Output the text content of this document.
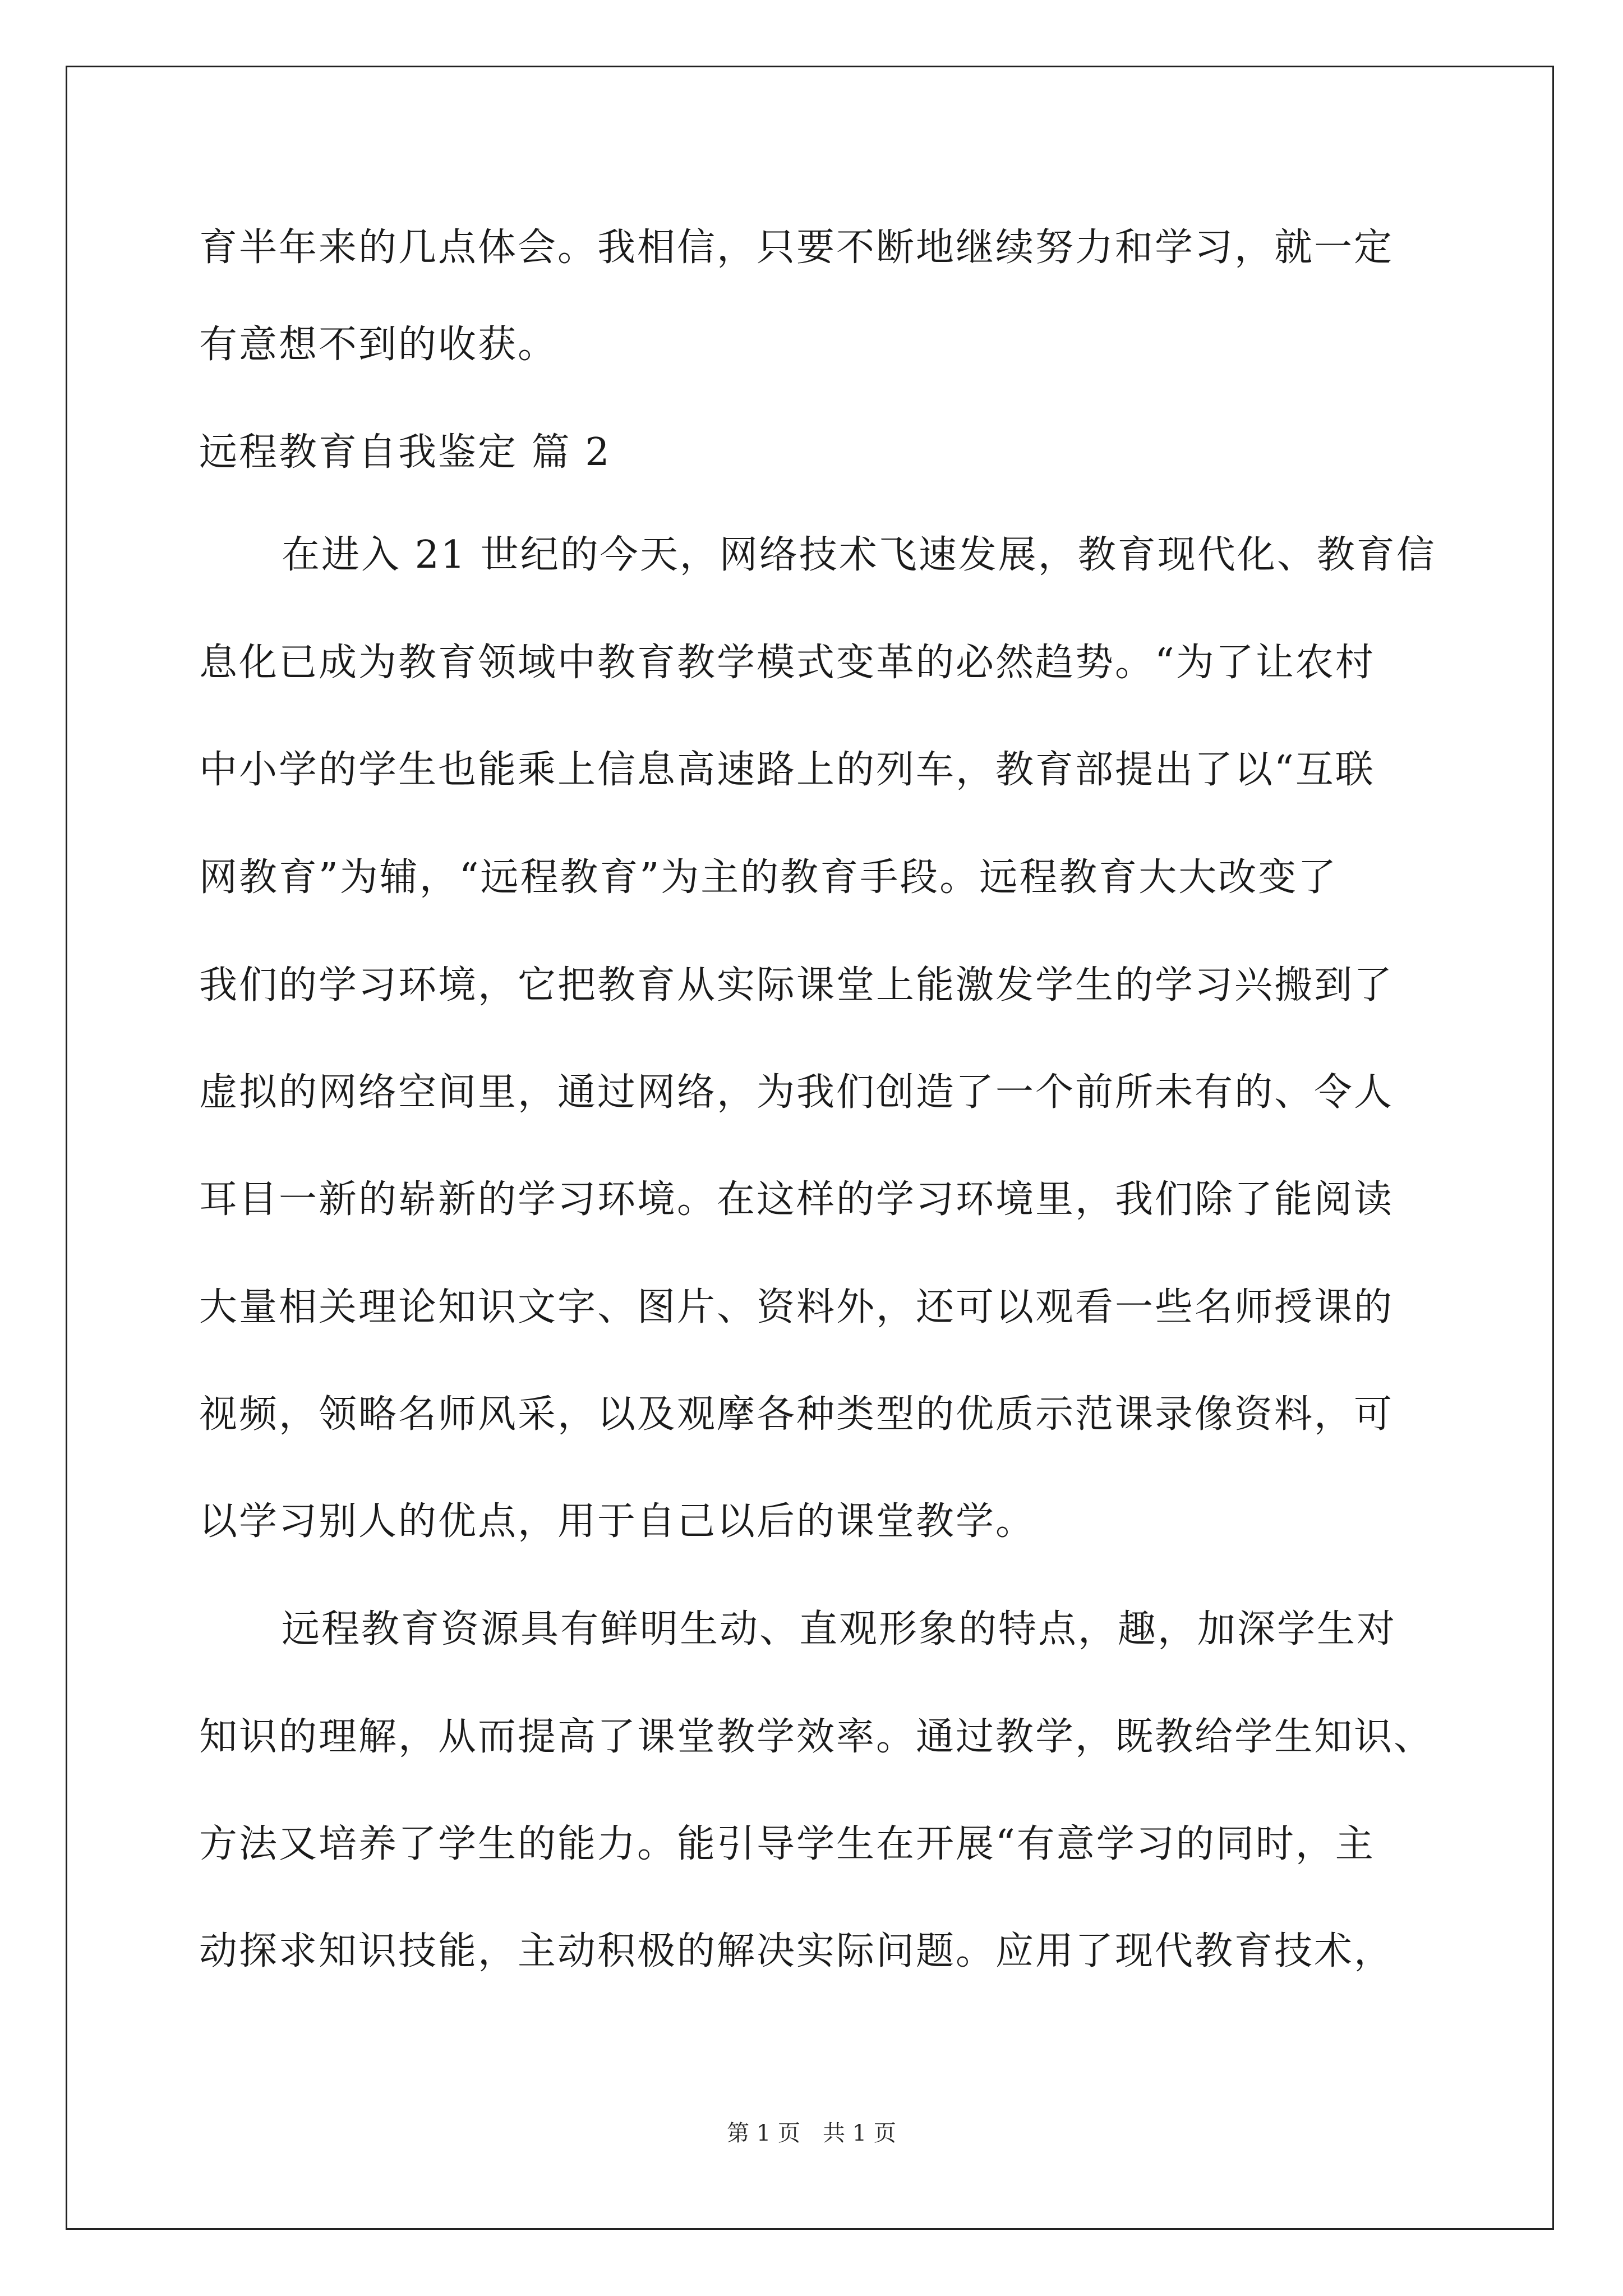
育半年来的几点体会。我相信，只要不断地继续努力和学习，就一定
有意想不到的收获。
远程教育自我鉴定 篇 2
在进入 21 世纪的今天，网络技术飞速发展，教育现代化、教育信
息化已成为教育领域中教育教学模式变革的必然趋势。“为了让农村
中小学的学生也能乘上信息高速路上的列车，教育部提出了以“互联
网教育”为辅，“远程教育”为主的教育手段。远程教育大大改变了
我们的学习环境，它把教育从实际课堂上能激发学生的学习兴搬到了
虚拟的网络空间里，通过网络，为我们创造了一个前所未有的、令人
耳目一新的崭新的学习环境。在这样的学习环境里，我们除了能阅读
大量相关理论知识文字、图片、资料外，还可以观看一些名师授课的
视频，领略名师风采，以及观摩各种类型的优质示范课录像资料，可
以学习别人的优点，用于自己以后的课堂教学。
远程教育资源具有鲜明生动、直观形象的特点，趣，加深学生对
知识的理解，从而提高了课堂教学效率。通过教学，既教给学生知识、
方法又培养了学生的能力。能引导学生在开展“有意学习的同时，主
动探求知识技能，主动积极的解决实际问题。应用了现代教育技术，
第 1 页　共 1 页
